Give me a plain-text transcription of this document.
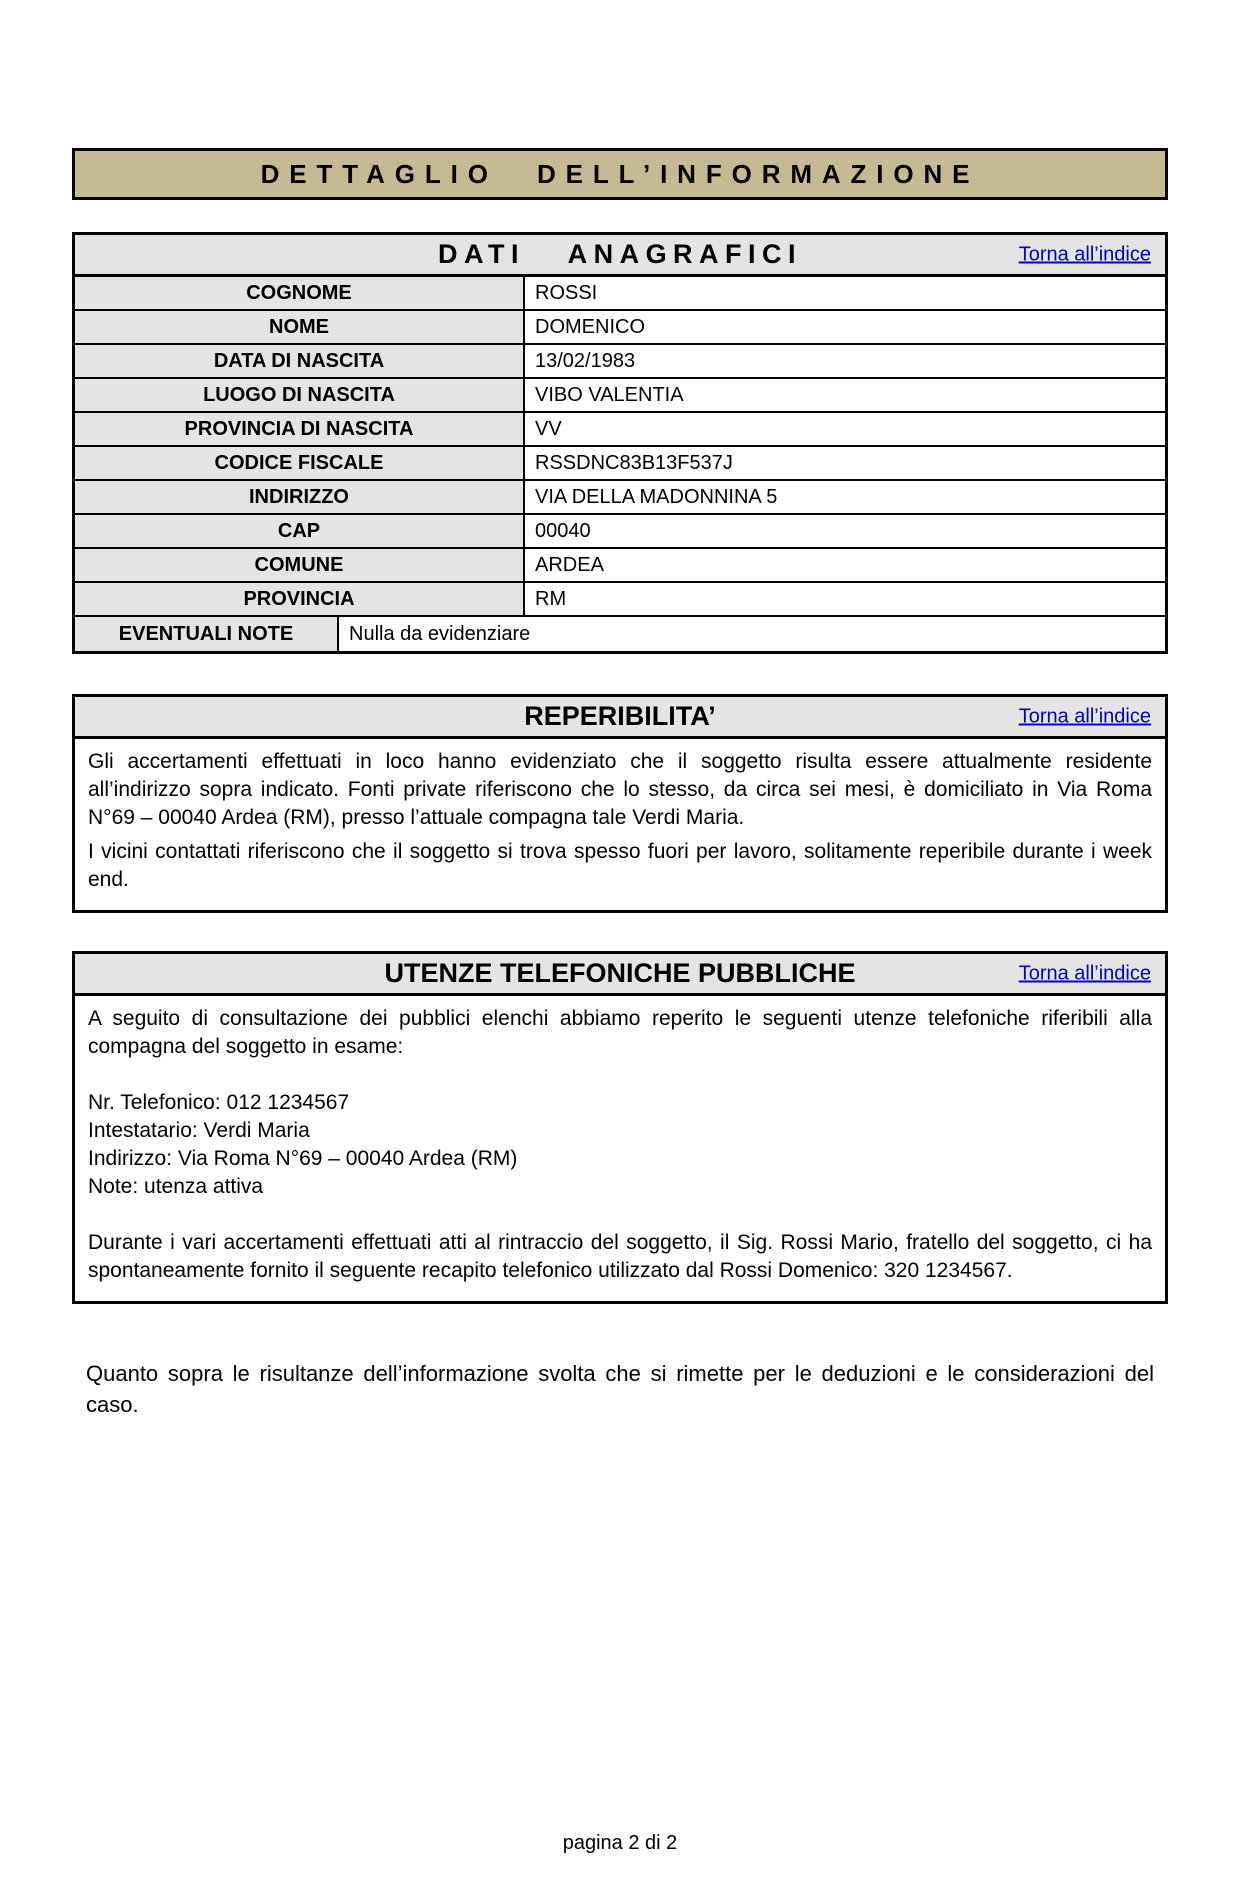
DETTAGLIO DELL’INFORMAZIONE
DATI ANAGRAFICI	Torna all’indice
COGNOME	ROSSI
NOME	DOMENICO
DATA DI NASCITA	13/02/1983
LUOGO DI NASCITA	VIBO VALENTIA
PROVINCIA DI NASCITA	VV
CODICE FISCALE	RSSDNC83B13F537J
INDIRIZZO	VIA DELLA MADONNINA 5
CAP	00040
COMUNE	ARDEA
PROVINCIA	RM
EVENTUALI NOTE	Nulla da evidenziare
REPERIBILITA’	Torna all’indice

Gli accertamenti effettuati in loco hanno evidenziato che il soggetto risulta essere attualmente residente all’indirizzo sopra indicato. Fonti private riferiscono che lo stesso, da circa sei mesi, è domiciliato in Via Roma N°69 – 00040 Ardea (RM), presso l’attuale compagna tale Verdi Maria.

I vicini contattati riferiscono che il soggetto si trova spesso fuori per lavoro, solitamente reperibile durante i week end.

UTENZE TELEFONICHE PUBBLICHE	Torna all’indice

A seguito di consultazione dei pubblici elenchi abbiamo reperito le seguenti utenze telefoniche riferibili alla compagna del soggetto in esame:

Nr. Telefonico: 012 1234567
Intestatario: Verdi Maria
Indirizzo: Via Roma N°69 – 00040 Ardea (RM)
Note: utenza attiva

Durante i vari accertamenti effettuati atti al rintraccio del soggetto, il Sig. Rossi Mario, fratello del soggetto, ci ha spontaneamente fornito il seguente recapito telefonico utilizzato dal Rossi Domenico: 320 1234567.

Quanto sopra le risultanze dell’informazione svolta che si rimette per le deduzioni e le considerazioni del caso.

pagina 2 di 2
